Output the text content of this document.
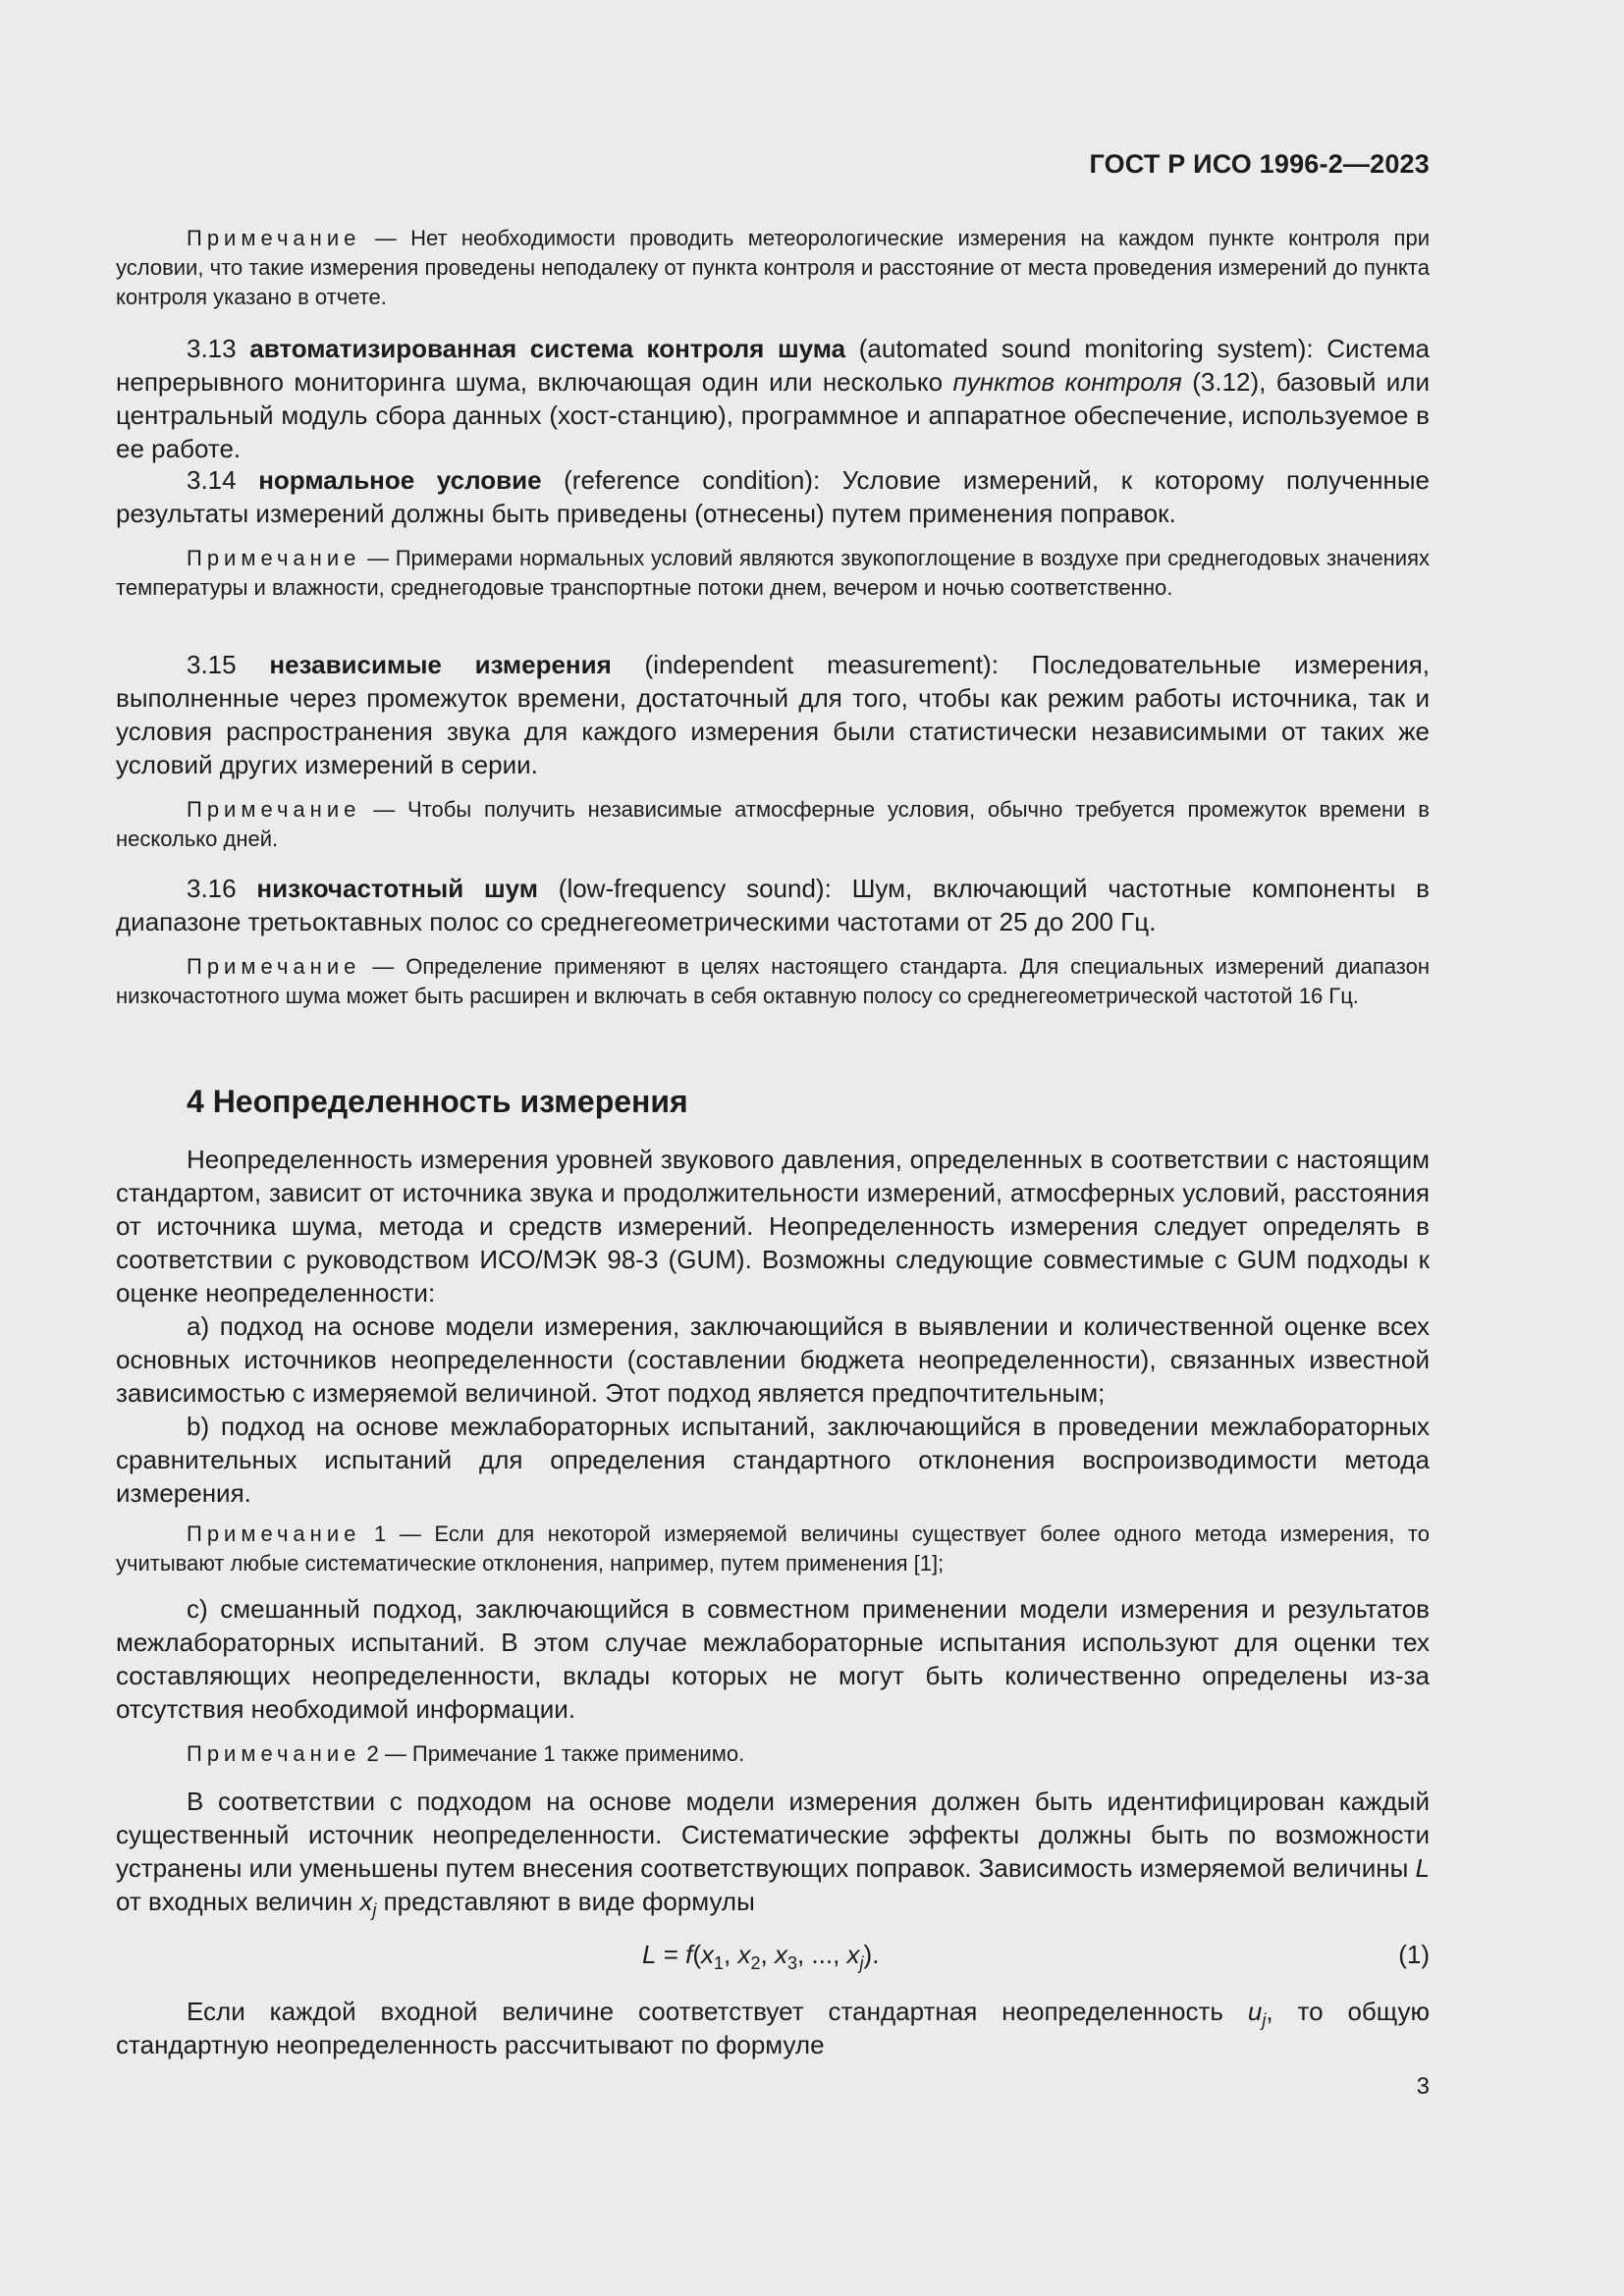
ГОСТ Р ИСО 1996-2—2023

Примечание — Нет необходимости проводить метеорологические измерения на каждом пункте контроля при условии, что такие измерения проведены неподалеку от пункта контроля и расстояние от места проведения измерений до пункта контроля указано в отчете.

3.13 автоматизированная система контроля шума (automated sound monitoring system): Система непрерывного мониторинга шума, включающая один или несколько пунктов контроля (3.12), базовый или центральный модуль сбора данных (хост-станцию), программное и аппаратное обеспечение, используемое в ее работе.

3.14 нормальное условие (reference condition): Условие измерений, к которому полученные результаты измерений должны быть приведены (отнесены) путем применения поправок.

Примечание — Примерами нормальных условий являются звукопоглощение в воздухе при среднегодовых значениях температуры и влажности, среднегодовые транспортные потоки днем, вечером и ночью соответственно.

3.15 независимые измерения (independent measurement): Последовательные измерения, выполненные через промежуток времени, достаточный для того, чтобы как режим работы источника, так и условия распространения звука для каждого измерения были статистически независимыми от таких же условий других измерений в серии.

Примечание — Чтобы получить независимые атмосферные условия, обычно требуется промежуток времени в несколько дней.

3.16 низкочастотный шум (low-frequency sound): Шум, включающий частотные компоненты в диапазоне третьоктавных полос со среднегеометрическими частотами от 25 до 200 Гц.

Примечание — Определение применяют в целях настоящего стандарта. Для специальных измерений диапазон низкочастотного шума может быть расширен и включать в себя октавную полосу со среднегеометрической частотой 16 Гц.

4 Неопределенность измерения

Неопределенность измерения уровней звукового давления, определенных в соответствии с настоящим стандартом, зависит от источника звука и продолжительности измерений, атмосферных условий, расстояния от источника шума, метода и средств измерений. Неопределенность измерения следует определять в соответствии с руководством ИСО/МЭК 98-3 (GUM). Возможны следующие совместимые с GUM подходы к оценке неопределенности:

a) подход на основе модели измерения, заключающийся в выявлении и количественной оценке всех основных источников неопределенности (составлении бюджета неопределенности), связанных известной зависимостью с измеряемой величиной. Этот подход является предпочтительным;

b) подход на основе межлабораторных испытаний, заключающийся в проведении межлабораторных сравнительных испытаний для определения стандартного отклонения воспроизводимости метода измерения.

Примечание 1 — Если для некоторой измеряемой величины существует более одного метода измерения, то учитывают любые систематические отклонения, например, путем применения [1];

c) смешанный подход, заключающийся в совместном применении модели измерения и результатов межлабораторных испытаний. В этом случае межлабораторные испытания используют для оценки тех составляющих неопределенности, вклады которых не могут быть количественно определены из-за отсутствия необходимой информации.

Примечание 2 — Примечание 1 также применимо.

В соответствии с подходом на основе модели измерения должен быть идентифицирован каждый существенный источник неопределенности. Систематические эффекты должны быть по возможности устранены или уменьшены путем внесения соответствующих поправок. Зависимость измеряемой величины L от входных величин $x_j$ представляют в виде формулы

$L = f(x_1$, $x_2$, $x_3$, ..., $x_j$).	(1)

Если каждой входной величине соответствует стандартная неопределенность $u_j$, то общую стандартную неопределенность рассчитывают по формуле

3
